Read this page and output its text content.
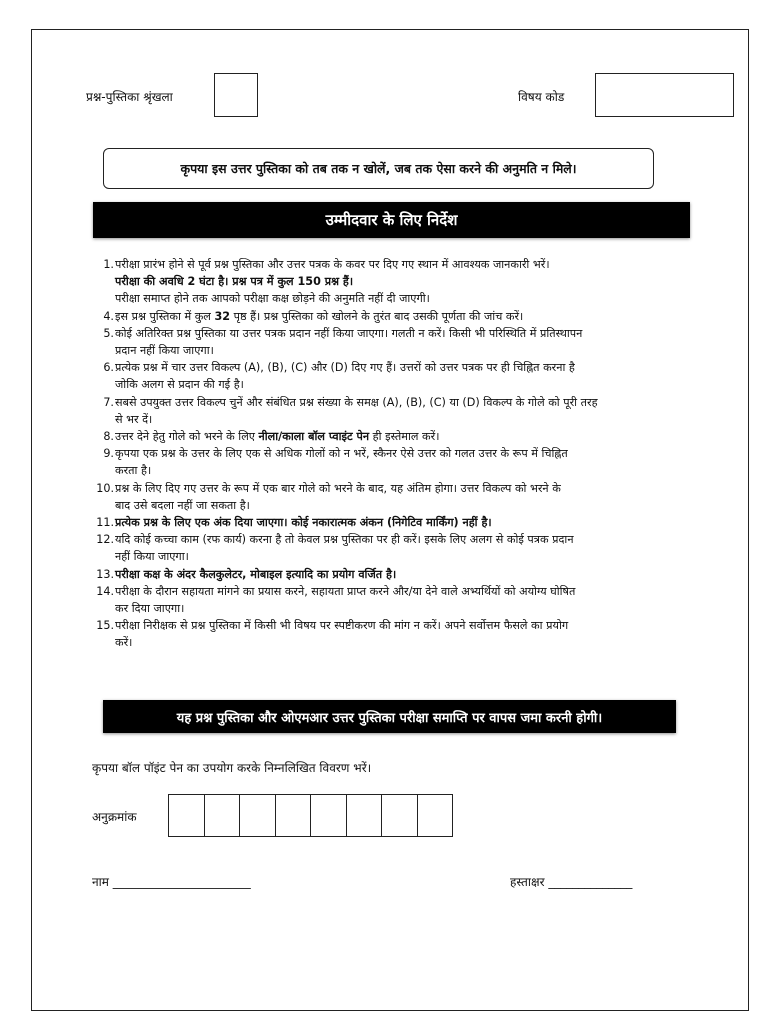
प्रश्न-पुस्तिका श्रृंखला	विषय कोड
कृपया इस उत्तर पुस्तिका को तब तक न खोलें, जब तक ऐसा करने की अनुमति न मिले।
उम्मीदवार के लिए निर्देश
1. परीक्षा प्रारंभ होने से पूर्व प्रश्न पुस्तिका और उत्तर पत्रक के कवर पर दिए गए स्थान में आवश्यक जानकारी भरें।
परीक्षा की अवधि 2 घंटा है। प्रश्न पत्र में कुल 150 प्रश्न हैं।
परीक्षा समाप्त होने तक आपको परीक्षा कक्ष छोड़ने की अनुमति नहीं दी जाएगी।
4. इस प्रश्न पुस्तिका में कुल 32 पृष्ठ हैं। प्रश्न पुस्तिका को खोलने के तुरंत बाद उसकी पूर्णता की जांच करें।
5. कोई अतिरिक्त प्रश्न पुस्तिका या उत्तर पत्रक प्रदान नहीं किया जाएगा। गलती न करें। किसी भी परिस्थिति में प्रतिस्थापन
प्रदान नहीं किया जाएगा।
6. प्रत्येक प्रश्न में चार उत्तर विकल्प (A), (B), (C) और (D) दिए गए हैं। उत्तरों को उत्तर पत्रक पर ही चिह्नित करना है
जोकि अलग से प्रदान की गई है।
7. सबसे उपयुक्त उत्तर विकल्प चुनें और संबंधित प्रश्न संख्या के समक्ष (A), (B), (C) या (D) विकल्प के गोले को पूरी तरह
से भर दें।
8. उत्तर देने हेतु गोले को भरने के लिए नीला/काला बॉल प्वाइंट पेन ही इस्तेमाल करें।
9. कृपया एक प्रश्न के उत्तर के लिए एक से अधिक गोलों को न भरें, स्कैनर ऐसे उत्तर को गलत उत्तर के रूप में चिह्नित
करता है।
10. प्रश्न के लिए दिए गए उत्तर के रूप में एक बार गोले को भरने के बाद, यह अंतिम होगा। उत्तर विकल्प को भरने के
बाद उसे बदला नहीं जा सकता है।
11. प्रत्येक प्रश्न के लिए एक अंक दिया जाएगा। कोई नकारात्मक अंकन (निगेटिव मार्किंग) नहीं है।
12. यदि कोई कच्चा काम (रफ कार्य) करना है तो केवल प्रश्न पुस्तिका पर ही करें। इसके लिए अलग से कोई पत्रक प्रदान
नहीं किया जाएगा।
13. परीक्षा कक्ष के अंदर कैलकुलेटर, मोबाइल इत्यादि का प्रयोग वर्जित है।
14. परीक्षा के दौरान सहायता मांगने का प्रयास करने, सहायता प्राप्त करने और/या देने वाले अभ्यर्थियों को अयोग्य घोषित
कर दिया जाएगा।
15. परीक्षा निरीक्षक से प्रश्न पुस्तिका में किसी भी विषय पर स्पष्टीकरण की मांग न करें। अपने सर्वोत्तम फैसले का प्रयोग
करें।
यह प्रश्न पुस्तिका और ओएमआर उत्तर पुस्तिका परीक्षा समाप्ति पर वापस जमा करनी होगी।
कृपया बॉल पॉइंट पेन का उपयोग करके निम्नलिखित विवरण भरें।
अनुक्रमांक
नाम _______________________	हस्ताक्षर ______________
